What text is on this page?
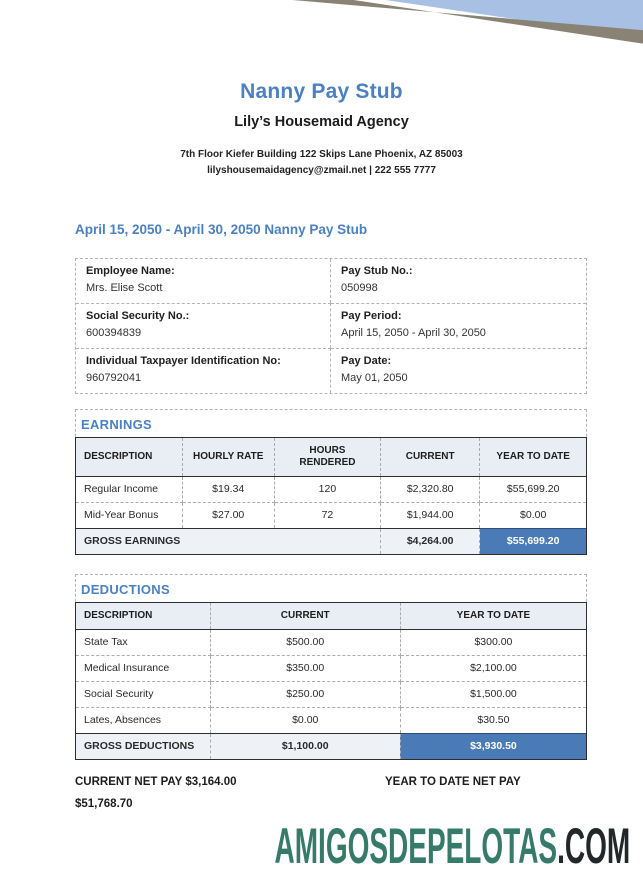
Nanny Pay Stub
Lily’s Housemaid Agency

7th Floor Kiefer Building 122 Skips Lane Phoenix, AZ 85003
lilyshousemaidagency@zmail.net | 222 555 7777

April 15, 2050 - April 30, 2050 Nanny Pay Stub
Employee Name:
Mrs. Elise Scott
Pay Stub No.:
050998
Social Security No.:
600394839
Pay Period:
April 15, 2050 - April 30, 2050
Individual Taxpayer Identification No:
960792041
Pay Date:
May 01, 2050
EARNINGS
DESCRIPTION	HOURLY RATE	HOURS RENDERED	CURRENT	YEAR TO DATE
Regular Income	$19.34	120	$2,320.80	$55,699.20
Mid-Year Bonus	$27.00	72	$1,944.00	$0.00
GROSS EARNINGS			$4,264.00	$55,699.20
DEDUCTIONS
DESCRIPTION	CURRENT	YEAR TO DATE
State Tax	$500.00	$300.00
Medical Insurance	$350.00	$2,100.00
Social Security	$250.00	$1,500.00
Lates, Absences	$0.00	$30.50
GROSS DEDUCTIONS	$1,100.00	$3,930.50
CURRENT NET PAY $3,164.00	YEAR TO DATE NET PAY
$51,768.70
AMIGOSDEPELOTAS.COM
